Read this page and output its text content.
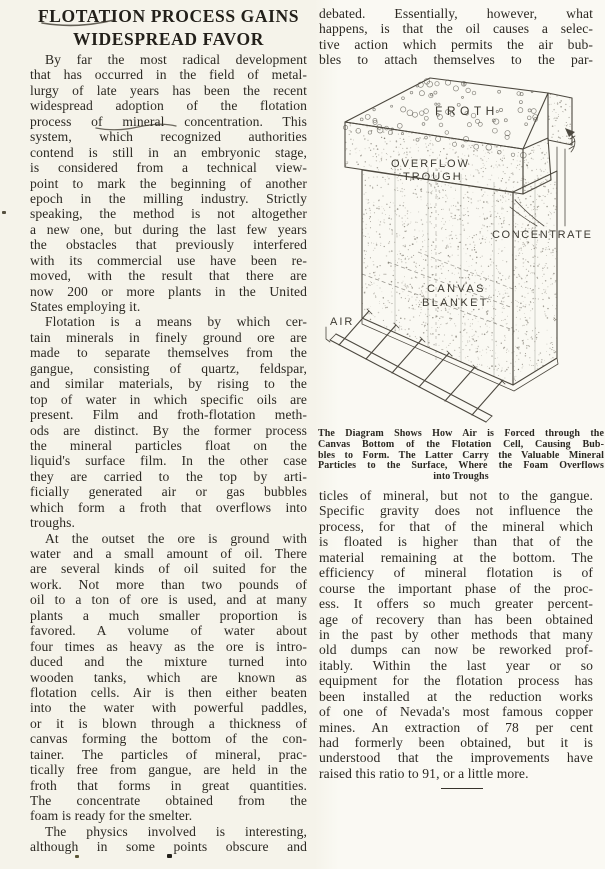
FLOTATION PROCESS GAINS
WIDESPREAD FAVOR
By far the most radical development
that has occurred in the field of metal-
lurgy of late years has been the recent
widespread adoption of the flotation
process of mineral concentration. This
system, which recognized authorities
contend is still in an embryonic stage,
is considered from a technical view-
point to mark the beginning of another
epoch in the milling industry. Strictly
speaking, the method is not altogether
a new one, but during the last few years
the obstacles that previously interfered
with its commercial use have been re-
moved, with the result that there are
now 200 or more plants in the United
States employing it.
Flotation is a means by which cer-
tain minerals in finely ground ore are
made to separate themselves from the
gangue, consisting of quartz, feldspar,
and similar materials, by rising to the
top of water in which specific oils are
present. Film and froth-flotation meth-
ods are distinct. By the former process
the mineral particles float on the
liquid's surface film. In the other case
they are carried to the top by arti-
ficially generated air or gas bubbles
which form a froth that overflows into
troughs.
At the outset the ore is ground with
water and a small amount of oil. There
are several kinds of oil suited for the
work. Not more than two pounds of
oil to a ton of ore is used, and at many
plants a much smaller proportion is
favored. A volume of water about
four times as heavy as the ore is intro-
duced and the mixture turned into
wooden tanks, which are known as
flotation cells. Air is then either beaten
into the water with powerful paddles,
or it is blown through a thickness of
canvas forming the bottom of the con-
tainer. The particles of mineral, prac-
tically free from gangue, are held in the
froth that forms in great quantities.
The concentrate obtained from the
foam is ready for the smelter.
The physics involved is interesting,
although in some points obscure and
debated. Essentially, however, what
happens, is that the oil causes a selec-
tive action which permits the air bub-
bles to attach themselves to the par-
FROTH
OVERFLOW
TROUGH
CONCENTRATE
CANVAS
BLANKET
AIR
The Diagram Shows How Air is Forced through the
Canvas Bottom of the Flotation Cell, Causing Bub-
bles to Form. The Latter Carry the Valuable Mineral
Particles to the Surface, Where the Foam Overflows
into Troughs
ticles of mineral, but not to the gangue.
Specific gravity does not influence the
process, for that of the mineral which
is floated is higher than that of the
material remaining at the bottom. The
efficiency of mineral flotation is of
course the important phase of the proc-
ess. It offers so much greater percent-
age of recovery than has been obtained
in the past by other methods that many
old dumps can now be reworked prof-
itably. Within the last year or so
equipment for the flotation process has
been installed at the reduction works
of one of Nevada's most famous copper
mines. An extraction of 78 per cent
had formerly been obtained, but it is
understood that the improvements have
raised this ratio to 91, or a little more.
